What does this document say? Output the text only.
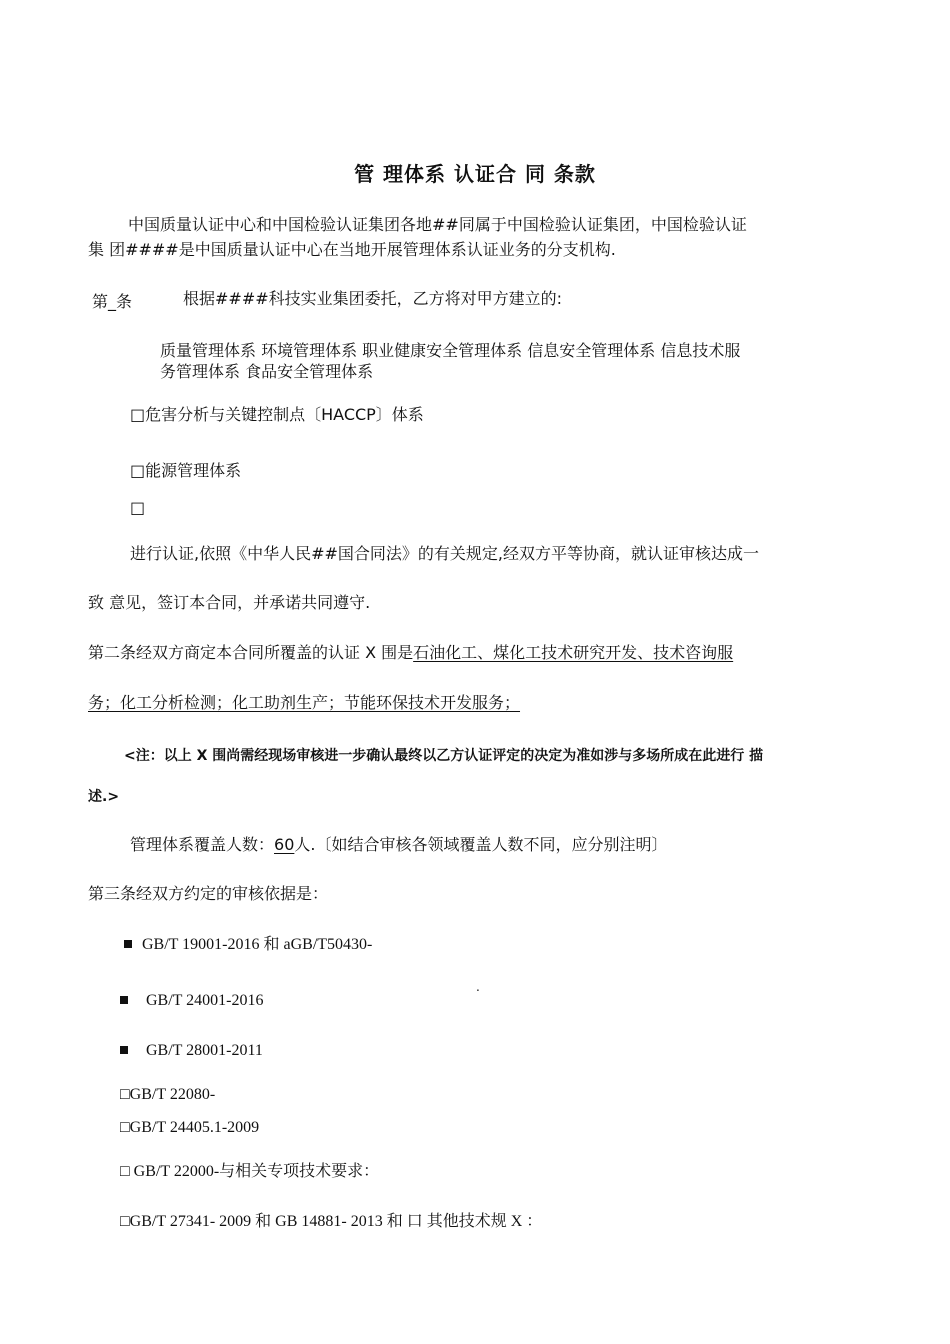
管 理体系 认证合 同 条款
中国质量认证中心和中国检验认证集团各地##同属于中国检验认证集团，中国检验认证
集 团####是中国质量认证中心在当地开展管理体系认证业务的分支机构.
第_条	根据####科技实业集团委托，乙方将对甲方建立的:
质量管理体系 环境管理体系 职业健康安全管理体系 信息安全管理体系 信息技术服
务管理体系 食品安全管理体系
□危害分析与关键控制点〔HACCP〕体系
□能源管理体系
□
进行认证,依照《中华人民##国合同法》的有关规定,经双方平等协商，就认证审核达成一
致 意见，签订本合同，并承诺共同遵守.
第二条经双方商定本合同所覆盖的认证 X 围是石油化工、煤化工技术研究开发、技术咨询服
务；化工分析检测；化工助剂生产；节能环保技术开发服务；
<注：以上 X 围尚需经现场审核进一步确认最终以乙方认证评定的决定为准如涉与多场所成在此进行 描
述.>
管理体系覆盖人数：60人.〔如结合审核各领域覆盖人数不同，应分别注明〕
第三条经双方约定的审核依据是：
GB/T 19001-2016 和 aGB/T50430-
.
GB/T 24001-2016
GB/T 28001-2011
□GB/T 22080-
□GB/T 24405.1-2009
□ GB/T 22000-与相关专项技术要求：
□GB/T 27341- 2009 和 GB 14881- 2013 和 口 其他技术规 X ：
